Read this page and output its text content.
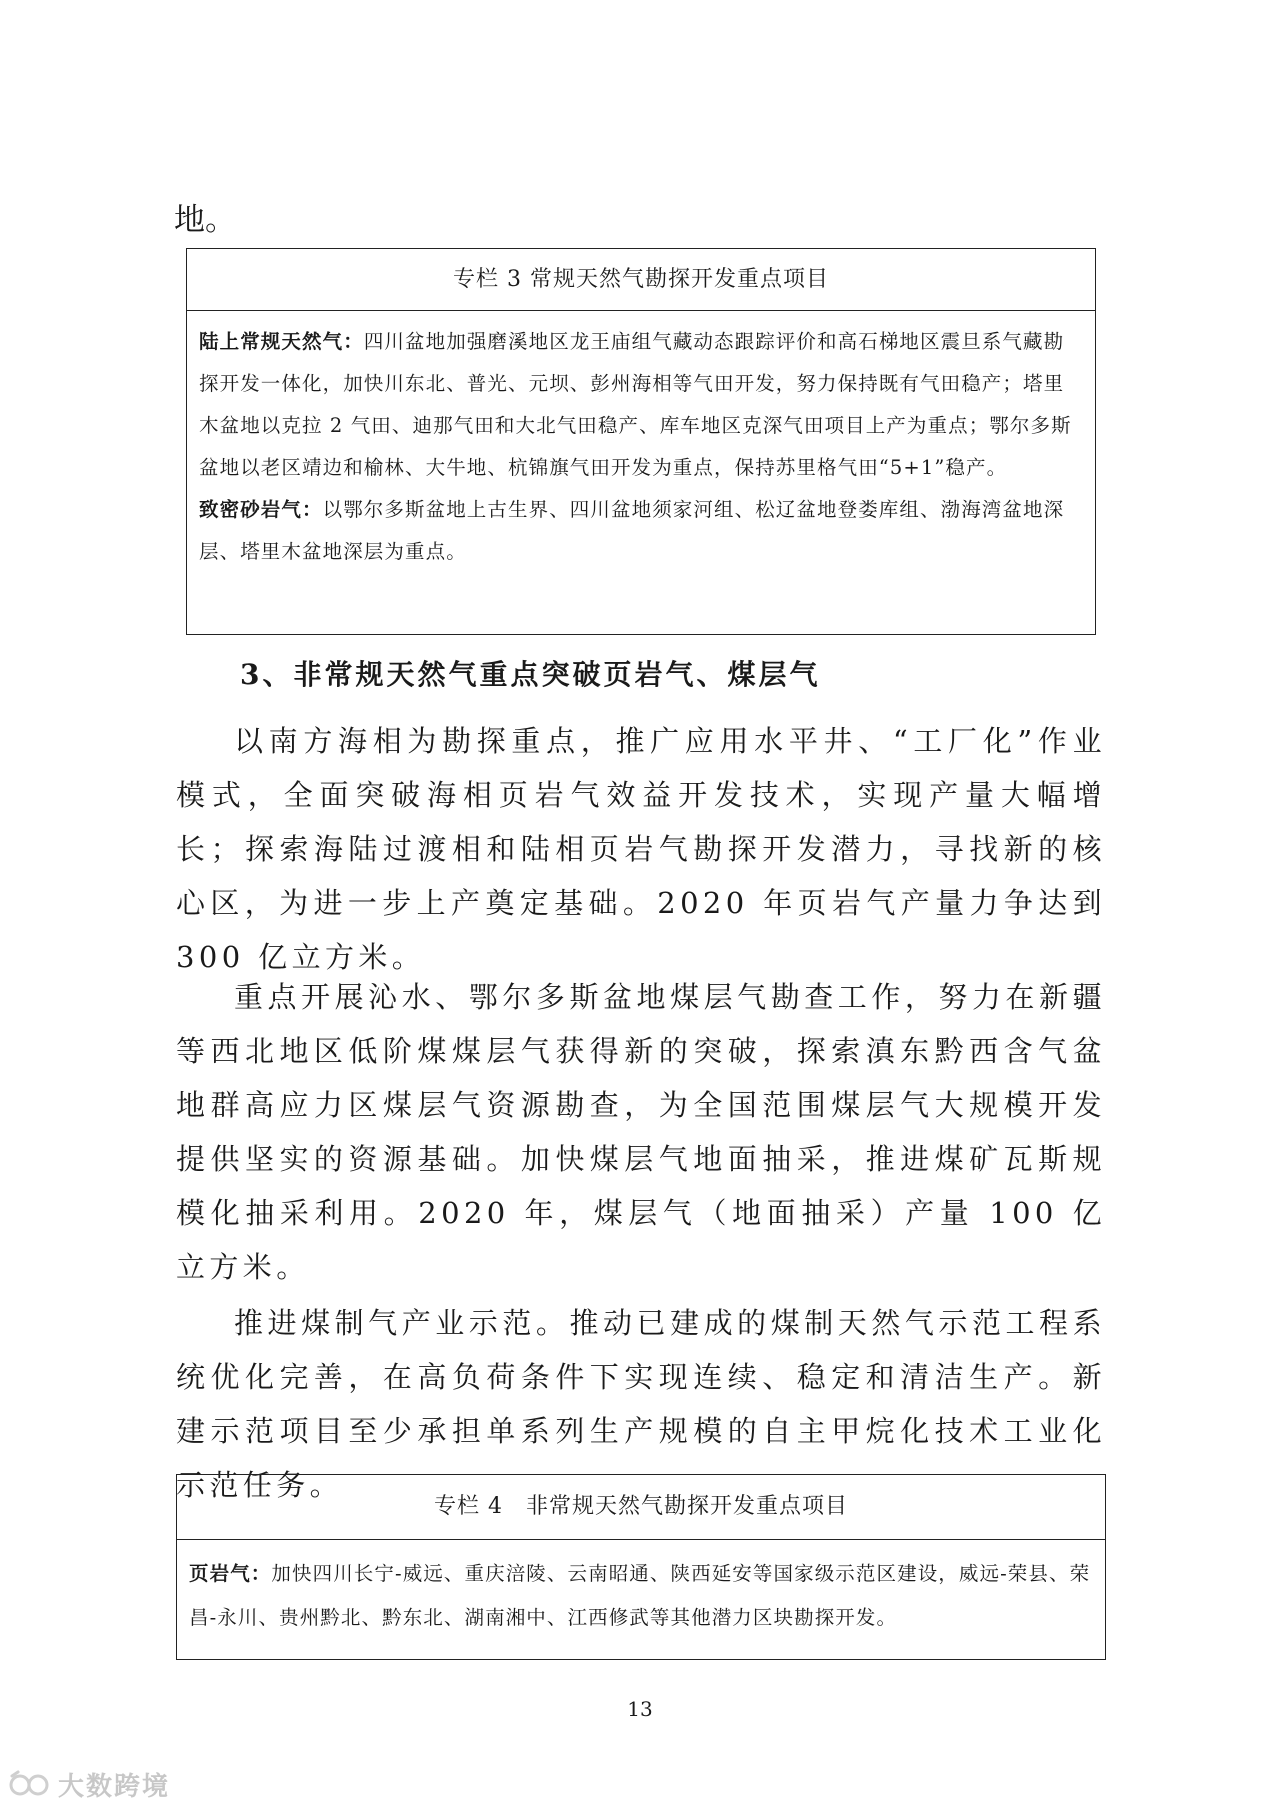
地。

专栏 3 常规天然气勘探开发重点项目

陆上常规天然气：四川盆地加强磨溪地区龙王庙组气藏动态跟踪评价和高石梯地区震旦系气藏勘探开发一体化，加快川东北、普光、元坝、彭州海相等气田开发，努力保持既有气田稳产；塔里木盆地以克拉 2 气田、迪那气田和大北气田稳产、库车地区克深气田项目上产为重点；鄂尔多斯盆地以老区靖边和榆林、大牛地、杭锦旗气田开发为重点，保持苏里格气田“5+1”稳产。

致密砂岩气：以鄂尔多斯盆地上古生界、四川盆地须家河组、松辽盆地登娄库组、渤海湾盆地深层、塔里木盆地深层为重点。

3、非常规天然气重点突破页岩气、煤层气

以南方海相为勘探重点，推广应用水平井、“工厂化”作业模式，全面突破海相页岩气效益开发技术，实现产量大幅增长；探索海陆过渡相和陆相页岩气勘探开发潜力，寻找新的核心区，为进一步上产奠定基础。2020 年页岩气产量力争达到 300 亿立方米。

重点开展沁水、鄂尔多斯盆地煤层气勘查工作，努力在新疆等西北地区低阶煤煤层气获得新的突破，探索滇东黔西含气盆地群高应力区煤层气资源勘查，为全国范围煤层气大规模开发提供坚实的资源基础。加快煤层气地面抽采，推进煤矿瓦斯规模化抽采利用。2020 年，煤层气（地面抽采）产量 100 亿立方米。

推进煤制气产业示范。推动已建成的煤制天然气示范工程系统优化完善，在高负荷条件下实现连续、稳定和清洁生产。新建示范项目至少承担单系列生产规模的自主甲烷化技术工业化示范任务。

专栏 4　非常规天然气勘探开发重点项目

页岩气：加快四川长宁-威远、重庆涪陵、云南昭通、陕西延安等国家级示范区建设，威远-荣县、荣昌-永川、贵州黔北、黔东北、湖南湘中、江西修武等其他潜力区块勘探开发。

13

大数跨境
